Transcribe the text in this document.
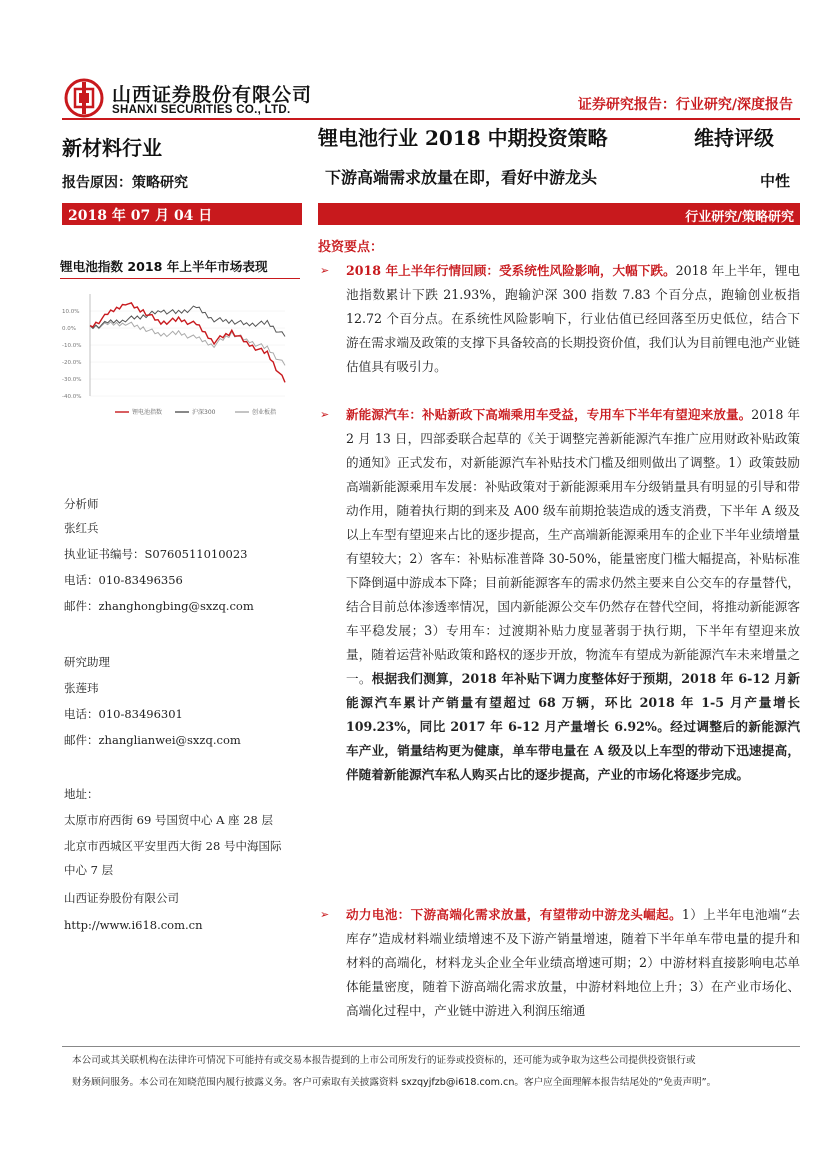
山西证券股份有限公司
SHANXI SECURITIES CO., LTD.	证券研究报告：行业研究/深度报告
新材料行业	锂电池行业 2018 中期投资策略	维持评级
报告原因：策略研究	下游高端需求放量在即，看好中游龙头	中性
2018 年 07 月 04 日	行业研究/策略研究
锂电池指数 2018 年上半年市场表现
10.0%
0.0%
-10.0%
-20.0%
-30.0%
-40.0%
锂电池指数	沪深300	创业板指
分析师
张红兵
执业证书编号：S0760511010023
电话：010-83496356
邮件：zhanghongbing@sxzq.com
研究助理
张莲玮
电话：010-83496301
邮件：zhanglianwei@sxzq.com
地址：
太原市府西街 69 号国贸中心 A 座 28 层
北京市西城区平安里西大街 28 号中海国际
中心 7 层
山西证券股份有限公司
http://www.i618.com.cn
投资要点：
➢	2018 年上半年行情回顾：受系统性风险影响，大幅下跌。2018 年上半年，锂电池指数累计下跌 21.93%，跑输沪深 300 指数 7.83 个百分点，跑输创业板指 12.72 个百分点。在系统性风险影响下，行业估值已经回落至历史低位，结合下游在需求端及政策的支撑下具备较高的长期投资价值，我们认为目前锂电池产业链估值具有吸引力。
➢	新能源汽车：补贴新政下高端乘用车受益，专用车下半年有望迎来放量。2018 年 2 月 13 日，四部委联合起草的《关于调整完善新能源汽车推广应用财政补贴政策的通知》正式发布，对新能源汽车补贴技术门槛及细则做出了调整。1）政策鼓励高端新能源乘用车发展：补贴政策对于新能源乘用车分级销量具有明显的引导和带动作用，随着执行期的到来及 A00 级车前期抢装造成的透支消费，下半年 A 级及以上车型有望迎来占比的逐步提高，生产高端新能源乘用车的企业下半年业绩增量有望较大；2）客车：补贴标准普降 30-50%，能量密度门槛大幅提高，补贴标准下降倒逼中游成本下降；目前新能源客车的需求仍然主要来自公交车的存量替代，结合目前总体渗透率情况，国内新能源公交车仍然存在替代空间，将推动新能源客车平稳发展；3）专用车：过渡期补贴力度显著弱于执行期，下半年有望迎来放量，随着运营补贴政策和路权的逐步开放，物流车有望成为新能源汽车未来增量之一。根据我们测算，2018 年补贴下调力度整体好于预期，2018 年 6-12 月新能源汽车累计产销量有望超过 68 万辆，环比 2018 年 1-5 月产量增长 109.23%，同比 2017 年 6-12 月产量增长 6.92%。经过调整后的新能源汽车产业，销量结构更为健康，单车带电量在 A 级及以上车型的带动下迅速提高，伴随着新能源汽车私人购买占比的逐步提高，产业的市场化将逐步完成。
➢	动力电池：下游高端化需求放量，有望带动中游龙头崛起。1）上半年电池端“去库存”造成材料端业绩增速不及下游产销量增速，随着下半年单车带电量的提升和材料的高端化，材料龙头企业全年业绩高增速可期；2）中游材料直接影响电芯单体能量密度，随着下游高端化需求放量，中游材料地位上升；3）在产业市场化、高端化过程中，产业链中游进入利润压缩通
本公司或其关联机构在法律许可情况下可能持有或交易本报告提到的上市公司所发行的证券或投资标的，还可能为或争取为这些公司提供投资银行或
财务顾问服务。本公司在知晓范围内履行披露义务。客户可索取有关披露资料 sxzqyjfzb@i618.com.cn。客户应全面理解本报告结尾处的“免责声明”。
